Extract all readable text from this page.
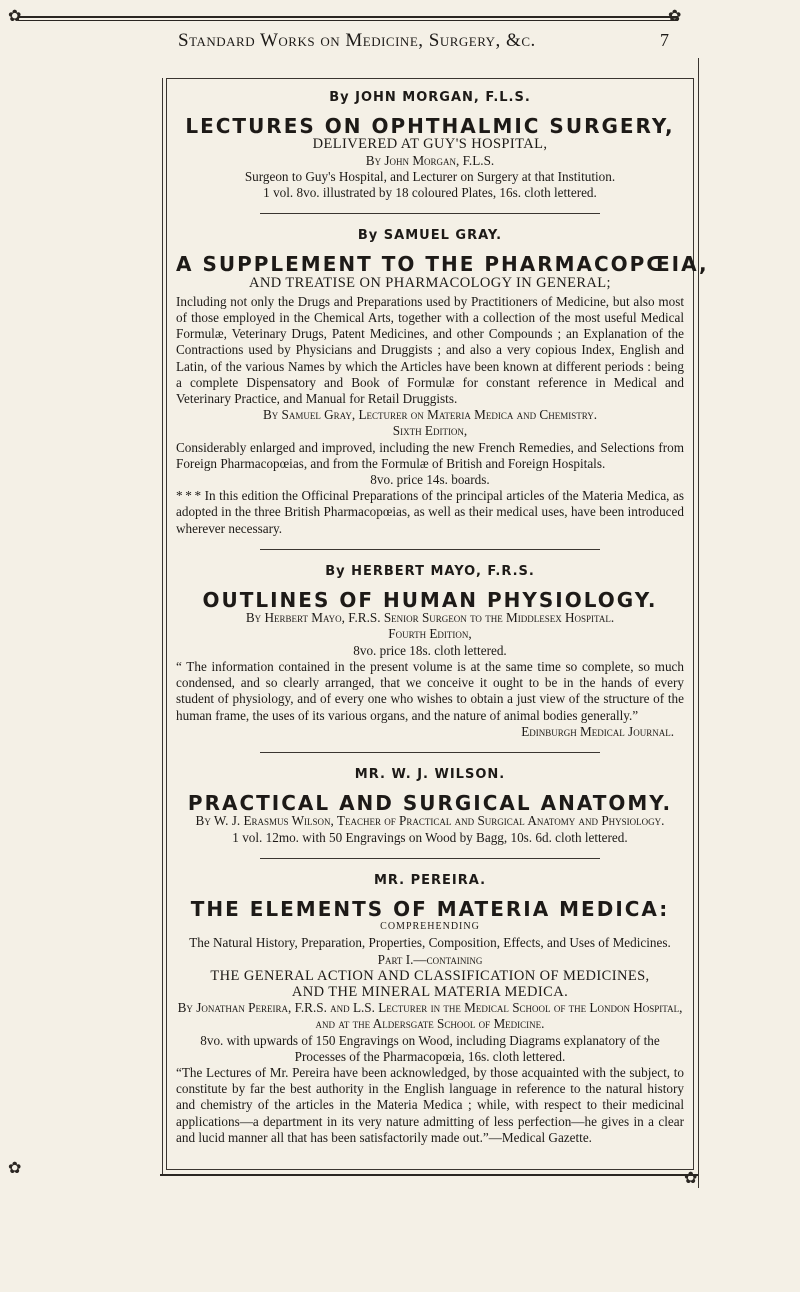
✿	✿
✿
✿
Standard Works on Medicine, Surgery, &c.	7
By JOHN MORGAN, F.L.S.
LECTURES ON OPHTHALMIC SURGERY,

DELIVERED AT GUY'S HOSPITAL,

By John Morgan, F.L.S.

Surgeon to Guy's Hospital, and Lecturer on Surgery at that Institution.

1 vol. 8vo. illustrated by 18 coloured Plates, 16s. cloth lettered.

By SAMUEL GRAY.
A SUPPLEMENT TO THE PHARMACOPŒIA,

AND TREATISE ON PHARMACOLOGY IN GENERAL;

Including not only the Drugs and Preparations used by Practitioners of Medicine, but also most of those employed in the Chemical Arts, together with a collection of the most useful Medical Formulæ, Veterinary Drugs, Patent Medicines, and other Compounds ; an Explanation of the Contractions used by Physicians and Druggists ; and also a very copious Index, English and Latin, of the various Names by which the Articles have been known at different periods : being a complete Dispensatory and Book of Formulæ for constant reference in Medical and Veterinary Practice, and Manual for Retail Druggists.

By Samuel Gray, Lecturer on Materia Medica and Chemistry.

Sixth Edition,

Considerably enlarged and improved, including the new French Remedies, and Selections from Foreign Pharmacopœias, and from the Formulæ of British and Foreign Hospitals.

8vo. price 14s. boards.

* * * In this edition the Officinal Preparations of the principal articles of the Materia Medica, as adopted in the three British Pharmacopœias, as well as their medical uses, have been introduced wherever necessary.

By HERBERT MAYO, F.R.S.
OUTLINES OF HUMAN PHYSIOLOGY.

By Herbert Mayo, F.R.S. Senior Surgeon to the Middlesex Hospital.

Fourth Edition,

8vo. price 18s. cloth lettered.

“ The information contained in the present volume is at the same time so complete, so much condensed, and so clearly arranged, that we conceive it ought to be in the hands of every student of physiology, and of every one who wishes to obtain a just view of the structure of the human frame, the uses of its various organs, and the nature of animal bodies generally.”

Edinburgh Medical Journal.

MR. W. J. WILSON.
PRACTICAL AND SURGICAL ANATOMY.

By W. J. Erasmus Wilson, Teacher of Practical and Surgical Anatomy and Physiology.

1 vol. 12mo. with 50 Engravings on Wood by Bagg, 10s. 6d. cloth lettered.

MR. PEREIRA.
THE ELEMENTS OF MATERIA MEDICA:

COMPREHENDING

The Natural History, Preparation, Properties, Composition, Effects, and Uses of Medicines.

Part I.—containing

THE GENERAL ACTION AND CLASSIFICATION OF MEDICINES,

AND THE MINERAL MATERIA MEDICA.

By Jonathan Pereira, F.R.S. and L.S. Lecturer in the Medical School of the London Hospital, and at the Aldersgate School of Medicine.

8vo. with upwards of 150 Engravings on Wood, including Diagrams explanatory of the Processes of the Pharmacopœia, 16s. cloth lettered.

“The Lectures of Mr. Pereira have been acknowledged, by those acquainted with the subject, to constitute by far the best authority in the English language in reference to the natural history and chemistry of the articles in the Materia Medica ; while, with respect to their medicinal applications—a department in its very nature admitting of less perfection—he gives in a clear and lucid manner all that has been satisfactorily made out.”—Medical Gazette.
